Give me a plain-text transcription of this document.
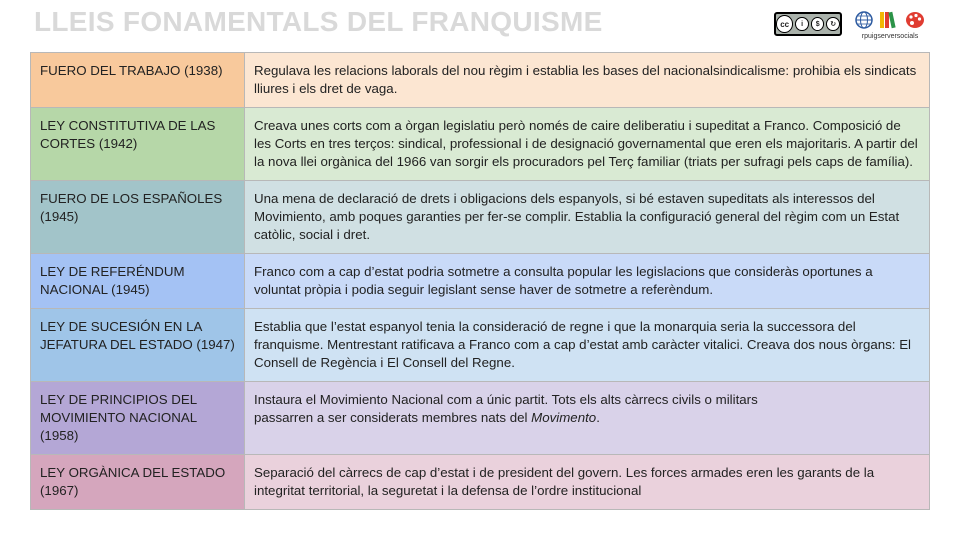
LLEIS FONAMENTALS DEL FRANQUISME	cc	i	$	↻
rpuigserversocials
FUERO DEL TRABAJO (1938)	Regulava les relacions laborals del nou règim i establia les bases del nacionalsindicalisme: prohibia els sindicats lliures i els dret de vaga.
LEY CONSTITUTIVA DE LAS CORTES (1942)	Creava unes corts com a òrgan legislatiu però només de caire deliberatiu i supeditat a Franco. Composició de les Corts en tres terços: sindical, professional i de designació governamental que eren els majoritaris. A partir del la nova llei orgànica del 1966 van sorgir els procuradors pel Terç familiar (triats per sufragi pels caps de família).
FUERO DE LOS ESPAÑOLES (1945)	Una mena de declaració de drets i obligacions dels espanyols, si bé estaven supeditats als interessos del Movimiento, amb poques garanties per fer-se complir. Establia la configuració general del règim com un Estat catòlic, social i dret.
LEY DE REFERÉNDUM NACIONAL (1945)	Franco com a cap d’estat podria sotmetre a consulta popular les legislacions que consideràs oportunes a voluntat pròpia i podia seguir legislant sense haver de sotmetre a referèndum.
LEY DE SUCESIÓN EN LA JEFATURA DEL ESTADO (1947)	Establia que l’estat espanyol tenia la consideració de regne i que la monarquia seria la successora del franquisme. Mentrestant ratificava a Franco com a cap d’estat amb caràcter vitalici. Creava dos nous òrgans: El Consell de Regència i El Consell del Regne.
LEY DE PRINCIPIOS DEL MOVIMIENTO NACIONAL (1958)	Instaura el Movimiento Nacional com a únic partit. Tots els alts càrrecs civils o militars
passarren a ser considerats membres nats del Movimento.
LEY ORGÀNICA DEL ESTADO (1967)	Separació del càrrecs de cap d’estat i de president del govern. Les forces armades eren les garants de la integritat territorial, la seguretat i la defensa de l’ordre institucional
